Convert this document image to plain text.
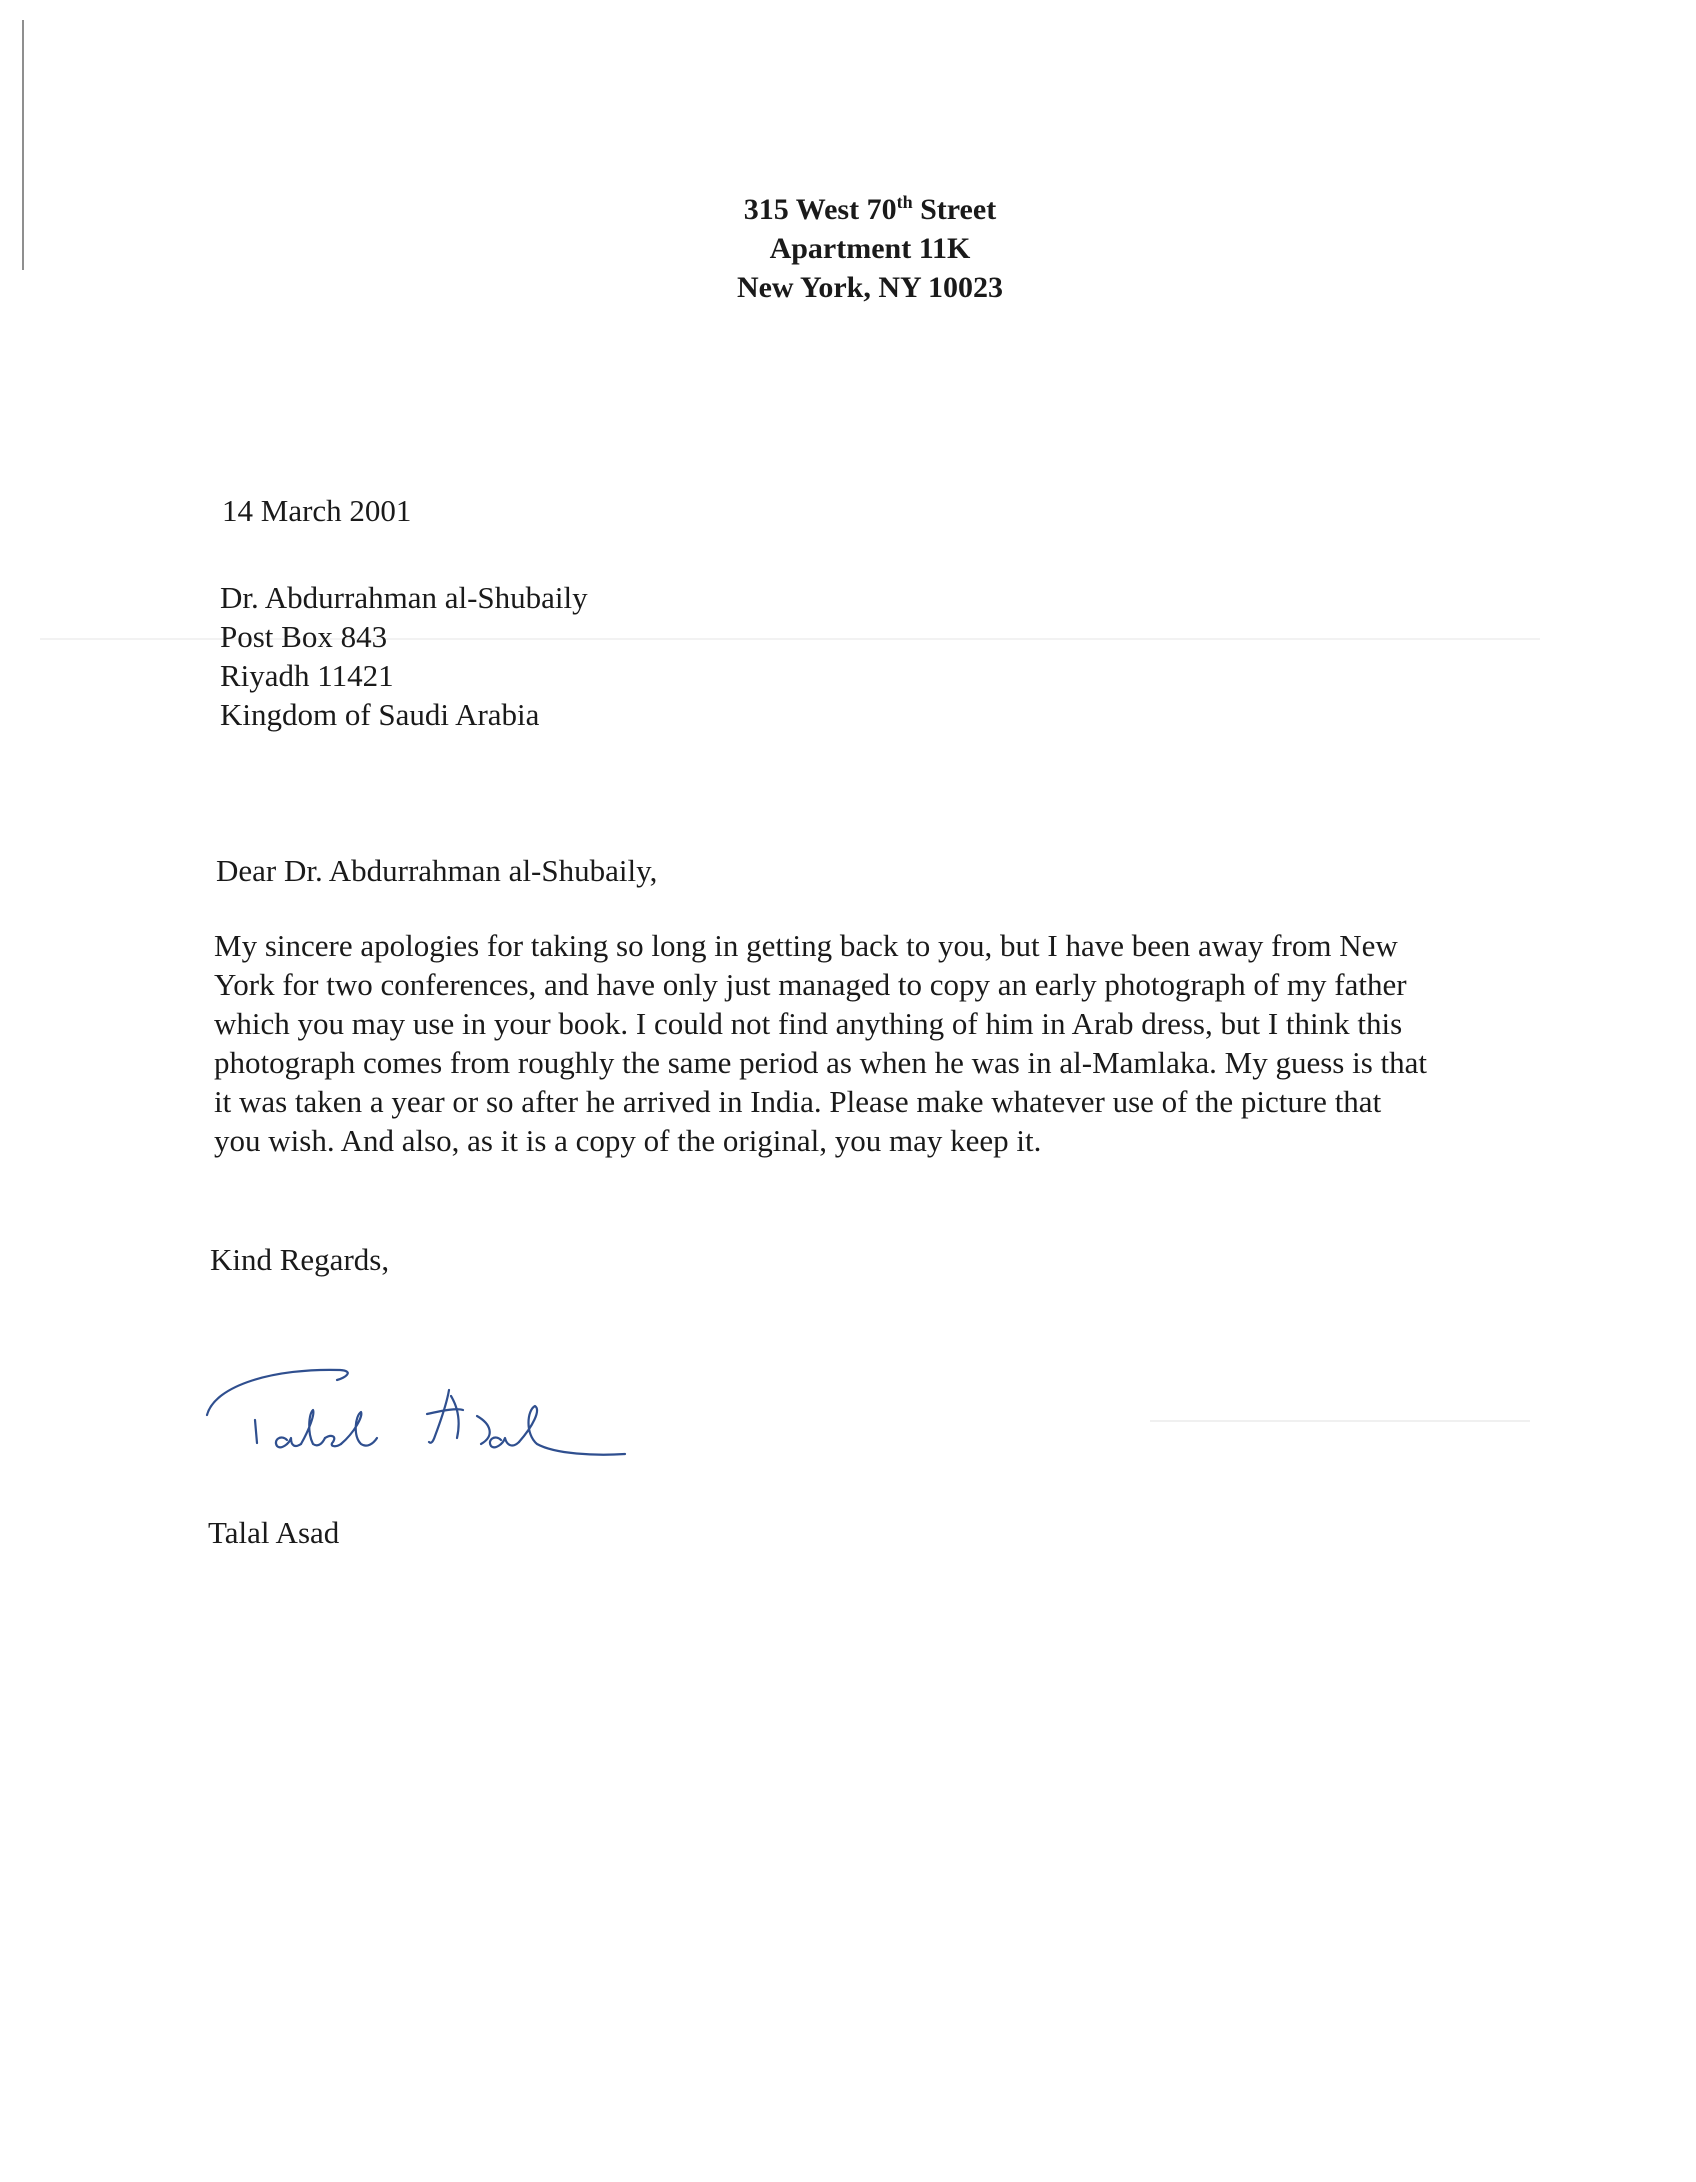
315 West 70th Street
Apartment 11K
New York, NY 10023
14 March 2001
Dr. Abdurrahman al-Shubaily
Post Box 843
Riyadh 11421
Kingdom of Saudi Arabia
Dear Dr. Abdurrahman al-Shubaily,
My sincere apologies for taking so long in getting back to you, but I have been away from New
York for two conferences, and have only just managed to copy an early photograph of my father
which you may use in your book. I could not find anything of him in Arab dress, but I think this
photograph comes from roughly the same period as when he was in al-Mamlaka. My guess is that
it was taken a year or so after he arrived in India. Please make whatever use of the picture that
you wish. And also, as it is a copy of the original, you may keep it.
Kind Regards,
Talal Asad
